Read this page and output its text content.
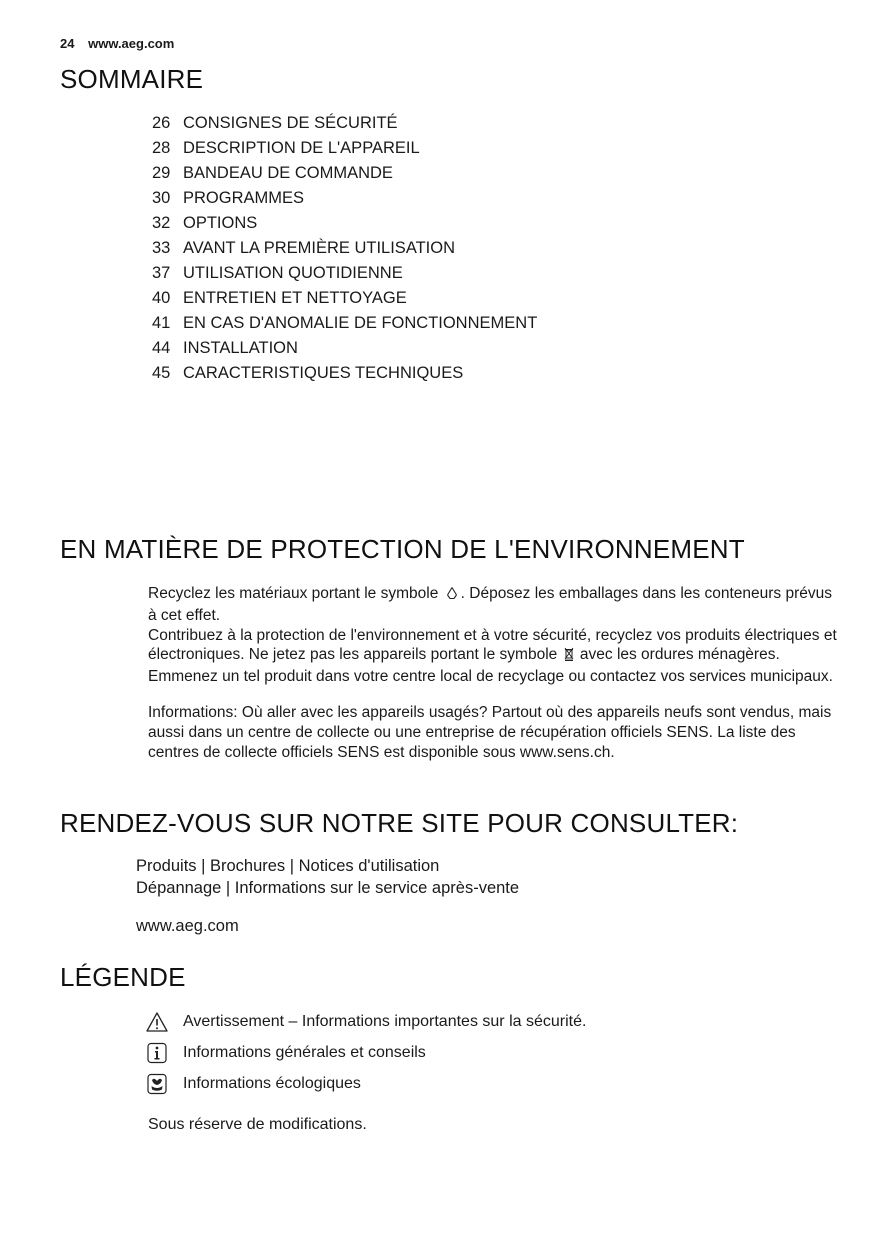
24 www.aeg.com
SOMMAIRE
26 CONSIGNES DE SÉCURITÉ
28 DESCRIPTION DE L'APPAREIL
29 BANDEAU DE COMMANDE
30 PROGRAMMES
32 OPTIONS
33 AVANT LA PREMIÈRE UTILISATION
37 UTILISATION QUOTIDIENNE
40 ENTRETIEN ET NETTOYAGE
41 EN CAS D'ANOMALIE DE FONCTIONNEMENT
44 INSTALLATION
45 CARACTERISTIQUES TECHNIQUES
EN MATIÈRE DE PROTECTION DE L'ENVIRONNEMENT

Recyclez les matériaux portant le symbole . Déposez les emballages dans les conteneurs prévus à cet effet.
Contribuez à la protection de l'environnement et à votre sécurité, recyclez vos produits électriques et électroniques. Ne jetez pas les appareils portant le symbole avec les ordures ménagères. Emmenez un tel produit dans votre centre local de recyclage ou contactez vos services municipaux.

Informations: Où aller avec les appareils usagés? Partout où des appareils neufs sont vendus, mais aussi dans un centre de collecte ou une entreprise de récupération officiels SENS. La liste des centres de collecte officiels SENS est disponible sous www.sens.ch.

RENDEZ-VOUS SUR NOTRE SITE POUR CONSULTER:
Produits | Brochures | Notices d'utilisation
Dépannage | Informations sur le service après-vente
www.aeg.com
LÉGENDE
Avertissement – Informations importantes sur la sécurité.
Informations générales et conseils
Informations écologiques
Sous réserve de modifications.
